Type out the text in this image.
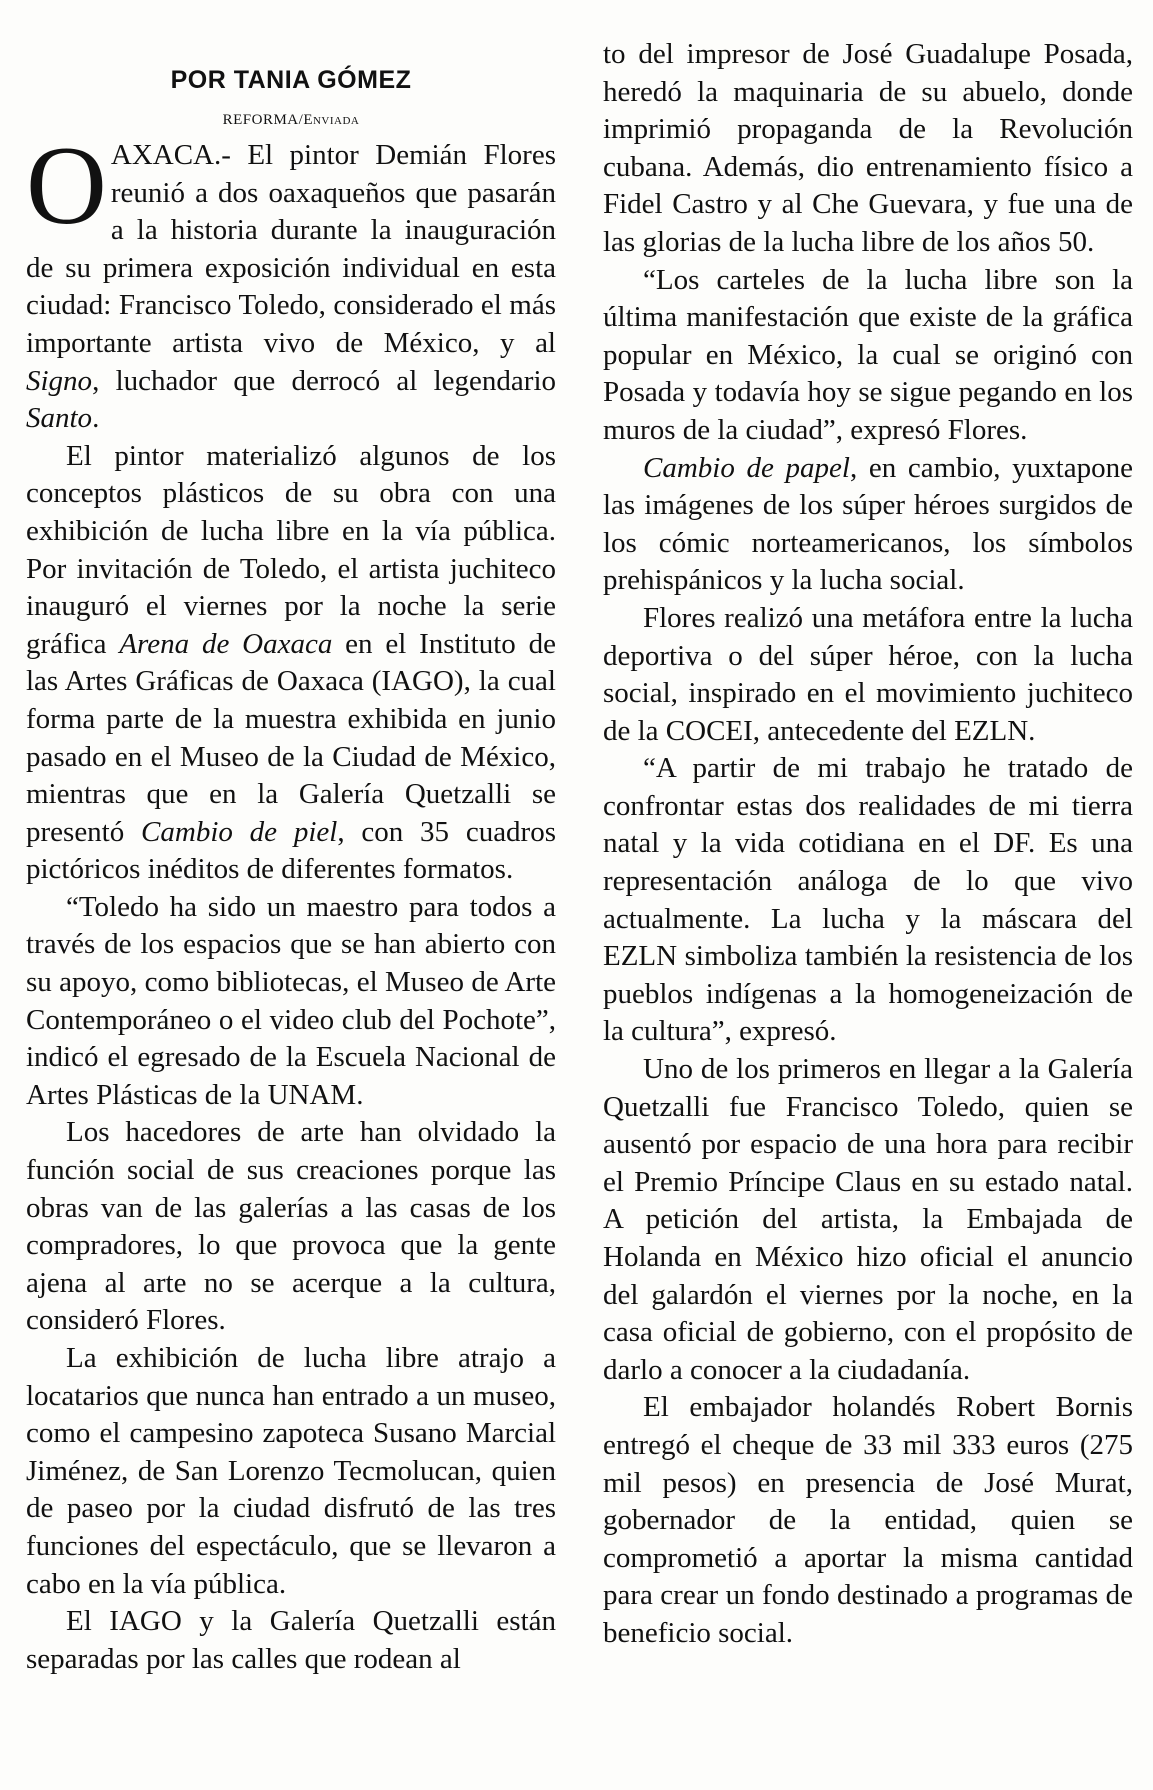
POR TANIA GÓMEZ
REFORMA/Enviada

OAXACA.- El pintor Demián Flores reunió a dos oaxaqueños que pasarán a la historia durante la inauguración de su primera exposición individual en esta ciudad: Francisco Toledo, considerado el más importante artista vivo de México, y al Signo, luchador que derrocó al legendario Santo.

El pintor materializó algunos de los conceptos plásticos de su obra con una exhibición de lucha libre en la vía pública. Por invitación de Toledo, el artista juchiteco inauguró el viernes por la noche la serie gráfica Arena de Oaxaca en el Instituto de las Artes Gráficas de Oaxaca (IAGO), la cual forma parte de la muestra exhibida en junio pasado en el Museo de la Ciudad de México, mientras que en la Galería Quetzalli se presentó Cambio de piel, con 35 cuadros pictóricos inéditos de diferentes formatos.

“Toledo ha sido un maestro para todos a través de los espacios que se han abierto con su apoyo, como bibliotecas, el Museo de Arte Contemporáneo o el video club del Pochote”, indicó el egresado de la Escuela Nacional de Artes Plásticas de la UNAM.

Los hacedores de arte han olvidado la función social de sus creaciones porque las obras van de las galerías a las casas de los compradores, lo que provoca que la gente ajena al arte no se acerque a la cultura, consideró Flores.

La exhibición de lucha libre atrajo a locatarios que nunca han entrado a un museo, como el campesino zapoteca Susano Marcial Jiménez, de San Lorenzo Tecmolucan, quien de paseo por la ciudad disfrutó de las tres funciones del espectáculo, que se llevaron a cabo en la vía pública.

El IAGO y la Galería Quetzalli están separadas por las calles que rodean al

to del impresor de José Guadalupe Posada, heredó la maquinaria de su abuelo, donde imprimió propaganda de la Revolución cubana. Además, dio entrenamiento físico a Fidel Castro y al Che Guevara, y fue una de las glorias de la lucha libre de los años 50.

“Los carteles de la lucha libre son la última manifestación que existe de la gráfica popular en México, la cual se originó con Posada y todavía hoy se sigue pegando en los muros de la ciudad”, expresó Flores.

Cambio de papel, en cambio, yuxtapone las imágenes de los súper héroes surgidos de los cómic norteamericanos, los símbolos prehispánicos y la lucha social.

Flores realizó una metáfora entre la lucha deportiva o del súper héroe, con la lucha social, inspirado en el movimiento juchiteco de la COCEI, antecedente del EZLN.

“A partir de mi trabajo he tratado de confrontar estas dos realidades de mi tierra natal y la vida cotidiana en el DF. Es una representación análoga de lo que vivo actualmente. La lucha y la máscara del EZLN simboliza también la resistencia de los pueblos indígenas a la homogeneización de la cultura”, expresó.

Uno de los primeros en llegar a la Galería Quetzalli fue Francisco Toledo, quien se ausentó por espacio de una hora para recibir el Premio Príncipe Claus en su estado natal. A petición del artista, la Embajada de Holanda en México hizo oficial el anuncio del galardón el viernes por la noche, en la casa oficial de gobierno, con el propósito de darlo a conocer a la ciudadanía.

El embajador holandés Robert Bornis entregó el cheque de 33 mil 333 euros (275 mil pesos) en presencia de José Murat, gobernador de la entidad, quien se comprometió a aportar la misma cantidad para crear un fondo destinado a programas de beneficio social.
